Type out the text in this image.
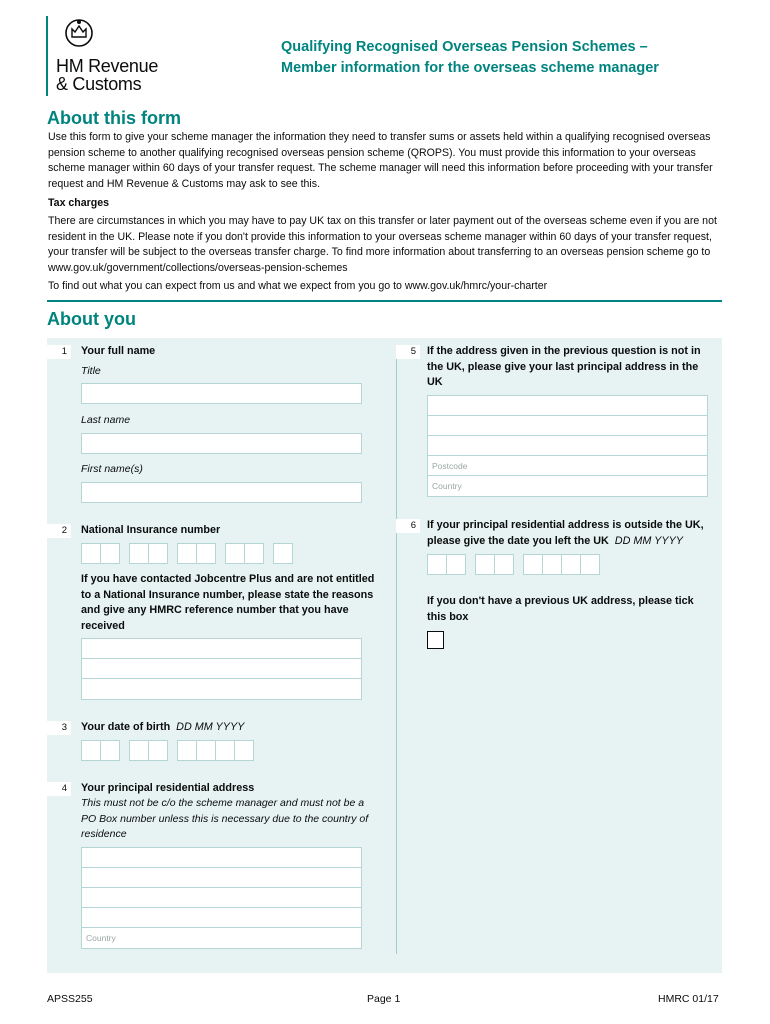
HM Revenue
& Customs
Qualifying Recognised Overseas Pension Schemes –
Member information for the overseas scheme manager
About this form
Use this form to give your scheme manager the information they need to transfer sums or assets held within a qualifying recognised overseas pension scheme to another qualifying recognised overseas pension scheme (QROPS). You must provide this information to your overseas scheme manager within 60 days of your transfer request. The scheme manager will need this information before proceeding with your transfer request and HM Revenue & Customs may ask to see this.
Tax charges
There are circumstances in which you may have to pay UK tax on this transfer or later payment out of the overseas scheme even if you are not resident in the UK. Please note if you don't provide this information to your overseas scheme manager within 60 days of your transfer request, your transfer will be subject to the overseas transfer charge. To find more information about transferring to an overseas pension scheme go to www.gov.uk/government/collections/overseas-pension-schemes
To find out what you can expect from us and what we expect from you go to www.gov.uk/hmrc/your-charter
About you
1	Your full name
Title
Last name
First name(s)
2	National Insurance number
If you have contacted Jobcentre Plus and are not entitled to a National Insurance number, please state the reasons and give any HMRC reference number that you have received
3	Your date of birth DD MM YYYY
4	Your principal residential address
This must not be c/o the scheme manager and must not be a PO Box number unless this is necessary due to the country of residence
Country
5	If the address given in the previous question is not in the UK, please give your last principal address in the UK
Postcode
Country
6	If your principal residential address is outside the UK, please give the date you left the UK DD MM YYYY
If you don't have a previous UK address, please tick this box
APSS255	Page 1	HMRC 01/17
